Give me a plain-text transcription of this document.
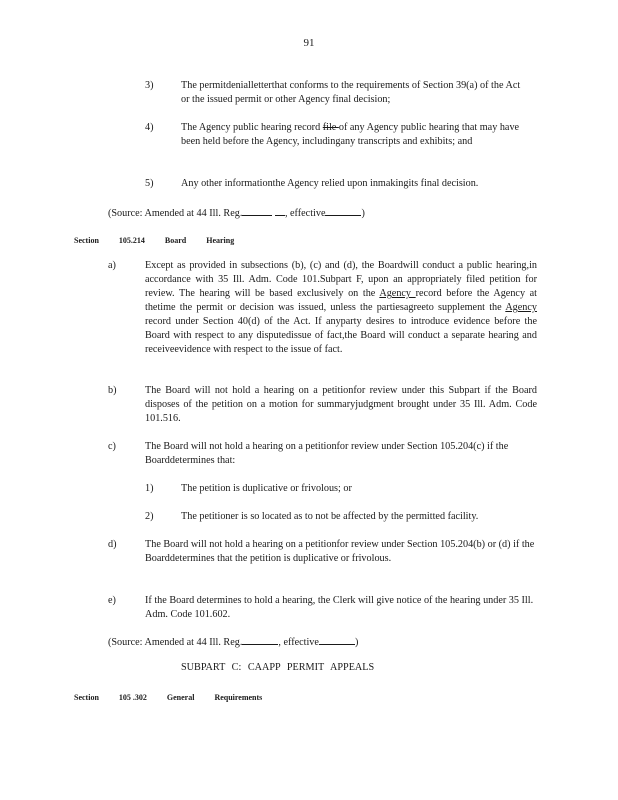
91
3)	The permitdenialletterthat conforms to the requirements of Section 39(a) of the Act or the issued permit or other Agency final decision;
4)	The Agency public hearing record file of any Agency public hearing that may have been held before the Agency, includingany transcripts and exhibits; and
5)	Any other informationthe Agency relied upon inmakingits final decision.
(Source: Amended at 44 Ill. Reg.	, effective	)
Section	105.214	Board	Hearing
a)	Except as provided in subsections (b), (c) and (d), the Boardwill conduct a public hearing,in accordance with 35 Ill. Adm. Code 101.Subpart F, upon an appropriately filed petition for review. The hearing will be based exclusively on the Agency record before the Agency at thetime the permit or decision was issued, unless the partiesagreeto supplement the Agency record under Section 40(d) of the Act. If anyparty desires to introduce evidence before the Board with respect to any disputedissue of fact,the Board will conduct a separate hearing and receiveevidence with respect to the issue of fact.
b)	The Board will not hold a hearing on a petitionfor review under this Subpart if the Board disposes of the petition on a motion for summaryjudgment brought under 35 Ill. Adm. Code 101.516.
c)	The Board will not hold a hearing on a petitionfor review under Section 105.204(c) if the Boarddetermines that:
1)	The petition is duplicative or frivolous; or
2)	The petitioner is so located as to not be affected by the permitted facility.
d)	The Board will not hold a hearing on a petitionfor review under Section 105.204(b) or (d) if the Boarddetermines that the petition is duplicative or frivolous.
e)	If the Board determines to hold a hearing, the Clerk will give notice of the hearing under 35 Ill. Adm. Code 101.602.
(Source: Amended at 44 Ill. Reg.	, effective	)
SUBPART C: CAAPP PERMIT APPEALS
Section	105 .302	General	Requirements
